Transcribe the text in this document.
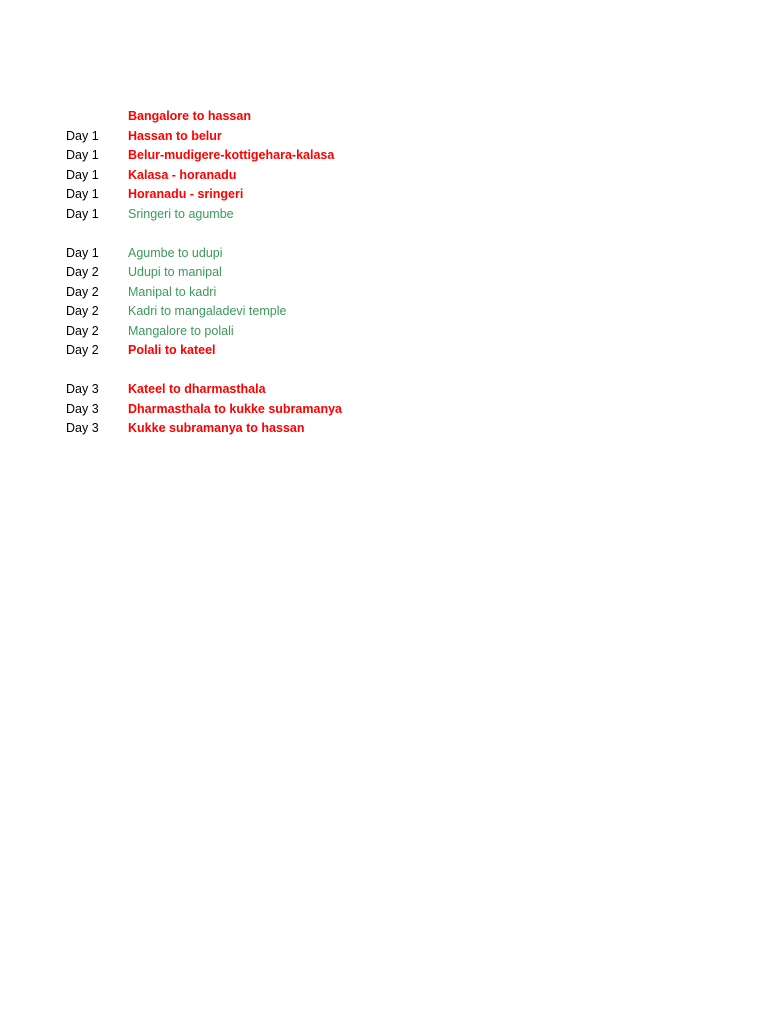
Bangalore to hassan
Day 1 Hassan to belur
Day 1 Belur-mudigere-kottigehara-kalasa
Day 1 Kalasa - horanadu
Day 1 Horanadu - sringeri
Day 1 Sringeri to agumbe
Day 1 Agumbe to udupi
Day 2 Udupi to manipal
Day 2 Manipal to kadri
Day 2 Kadri to mangaladevi temple
Day 2 Mangalore to polali
Day 2 Polali to kateel
Day 3 Kateel to dharmasthala
Day 3 Dharmasthala to kukke subramanya
Day 3 Kukke subramanya to hassan
